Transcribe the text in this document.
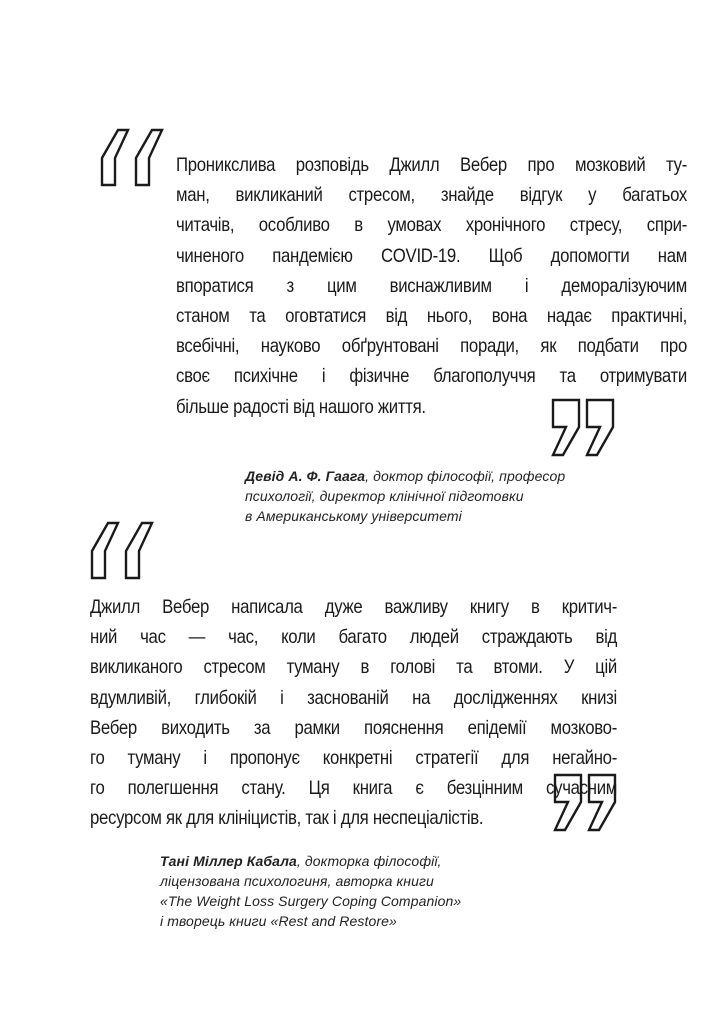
Проникслива розповідь Джилл Вебер про мозковий ту-
ман, викликаний стресом, знайде відгук у багатьох
читачів, особливо в умовах хронічного стресу, спри-
чиненого пандемією COVID-19. Щоб допомогти нам
впоратися з цим виснажливим і деморалізуючим
станом та оговтатися від нього, вона надає практичні,
всебічні, науково обґрунтовані поради, як подбати про
своє психічне і фізичне благополуччя та отримувати
більше радості від нашого життя.
Девід А. Ф. Гаага, доктор філософії, професор
психології, директор клінічної підготовки
в Американському університеті
Джилл Вебер написала дуже важливу книгу в критич-
ний час — час, коли багато людей страждають від
викликаного стресом туману в голові та втоми. У цій
вдумливій, глибокій і заснованій на дослідженнях книзі
Вебер виходить за рамки пояснення епідемії мозково-
го туману і пропонує конкретні стратегії для негайно-
го полегшення стану. Ця книга є безцінним сучасним
ресурсом як для клініцистів, так і для неспеціалістів.
Тані Міллер Кабала, докторка філософії,
ліцензована психологиня, авторка книги
«The Weight Loss Surgery Coping Companion»
і творець книги «Rest and Restore»
